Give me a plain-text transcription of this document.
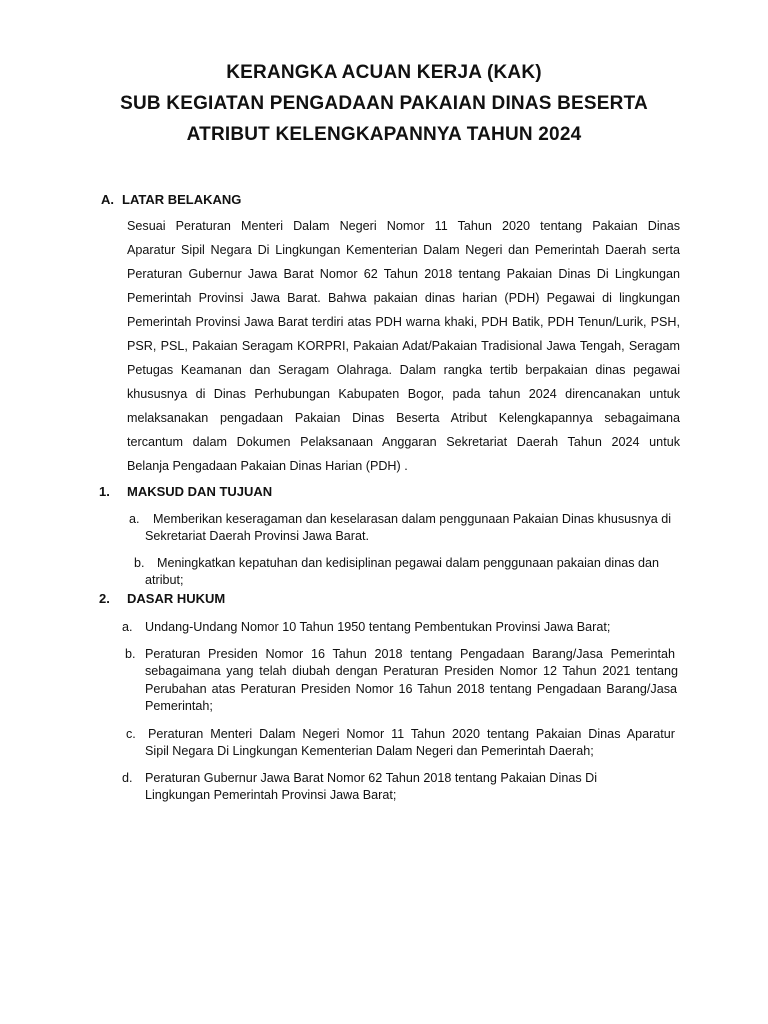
KERANGKA ACUAN KERJA (KAK)
SUB KEGIATAN PENGADAAN PAKAIAN DINAS BESERTA
ATRIBUT KELENGKAPANNYA TAHUN 2024
A. LATAR BELAKANG
Sesuai Peraturan Menteri Dalam Negeri Nomor 11 Tahun 2020 tentang Pakaian Dinas
Aparatur Sipil Negara Di Lingkungan Kementerian Dalam Negeri dan Pemerintah Daerah serta
Peraturan Gubernur Jawa Barat Nomor 62 Tahun 2018 tentang Pakaian Dinas Di Lingkungan
Pemerintah Provinsi Jawa Barat. Bahwa pakaian dinas harian (PDH) Pegawai di lingkungan
Pemerintah Provinsi Jawa Barat terdiri atas PDH warna khaki, PDH Batik, PDH Tenun/Lurik, PSH,
PSR, PSL, Pakaian Seragam KORPRI, Pakaian Adat/Pakaian Tradisional Jawa Tengah, Seragam
Petugas Keamanan dan Seragam Olahraga. Dalam rangka tertib berpakaian dinas pegawai
khususnya di Dinas Perhubungan Kabupaten Bogor, pada tahun 2024 direncanakan untuk
melaksanakan pengadaan Pakaian Dinas Beserta Atribut Kelengkapannya sebagaimana
tercantum dalam Dokumen Pelaksanaan Anggaran Sekretariat Daerah Tahun 2024 untuk
Belanja Pengadaan Pakaian Dinas Harian (PDH) .
1. MAKSUD DAN TUJUAN
a. Memberikan keseragaman dan keselarasan dalam penggunaan Pakaian Dinas khususnya di
Sekretariat Daerah Provinsi Jawa Barat.
b. Meningkatkan kepatuhan dan kedisiplinan pegawai dalam penggunaan pakaian dinas dan
atribut;
2. DASAR HUKUM
a. Undang-Undang Nomor 10 Tahun 1950 tentang Pembentukan Provinsi Jawa Barat;
b. Peraturan Presiden Nomor 16 Tahun 2018 tentang Pengadaan Barang/Jasa Pemerintah
sebagaimana yang telah diubah dengan Peraturan Presiden Nomor 12 Tahun 2021 tentang
Perubahan atas Peraturan Presiden Nomor 16 Tahun 2018 tentang Pengadaan Barang/Jasa
Pemerintah;
c. Peraturan Menteri Dalam Negeri Nomor 11 Tahun 2020 tentang Pakaian Dinas Aparatur
Sipil Negara Di Lingkungan Kementerian Dalam Negeri dan Pemerintah Daerah;
d. Peraturan Gubernur Jawa Barat Nomor 62 Tahun 2018 tentang Pakaian Dinas Di
Lingkungan Pemerintah Provinsi Jawa Barat;
